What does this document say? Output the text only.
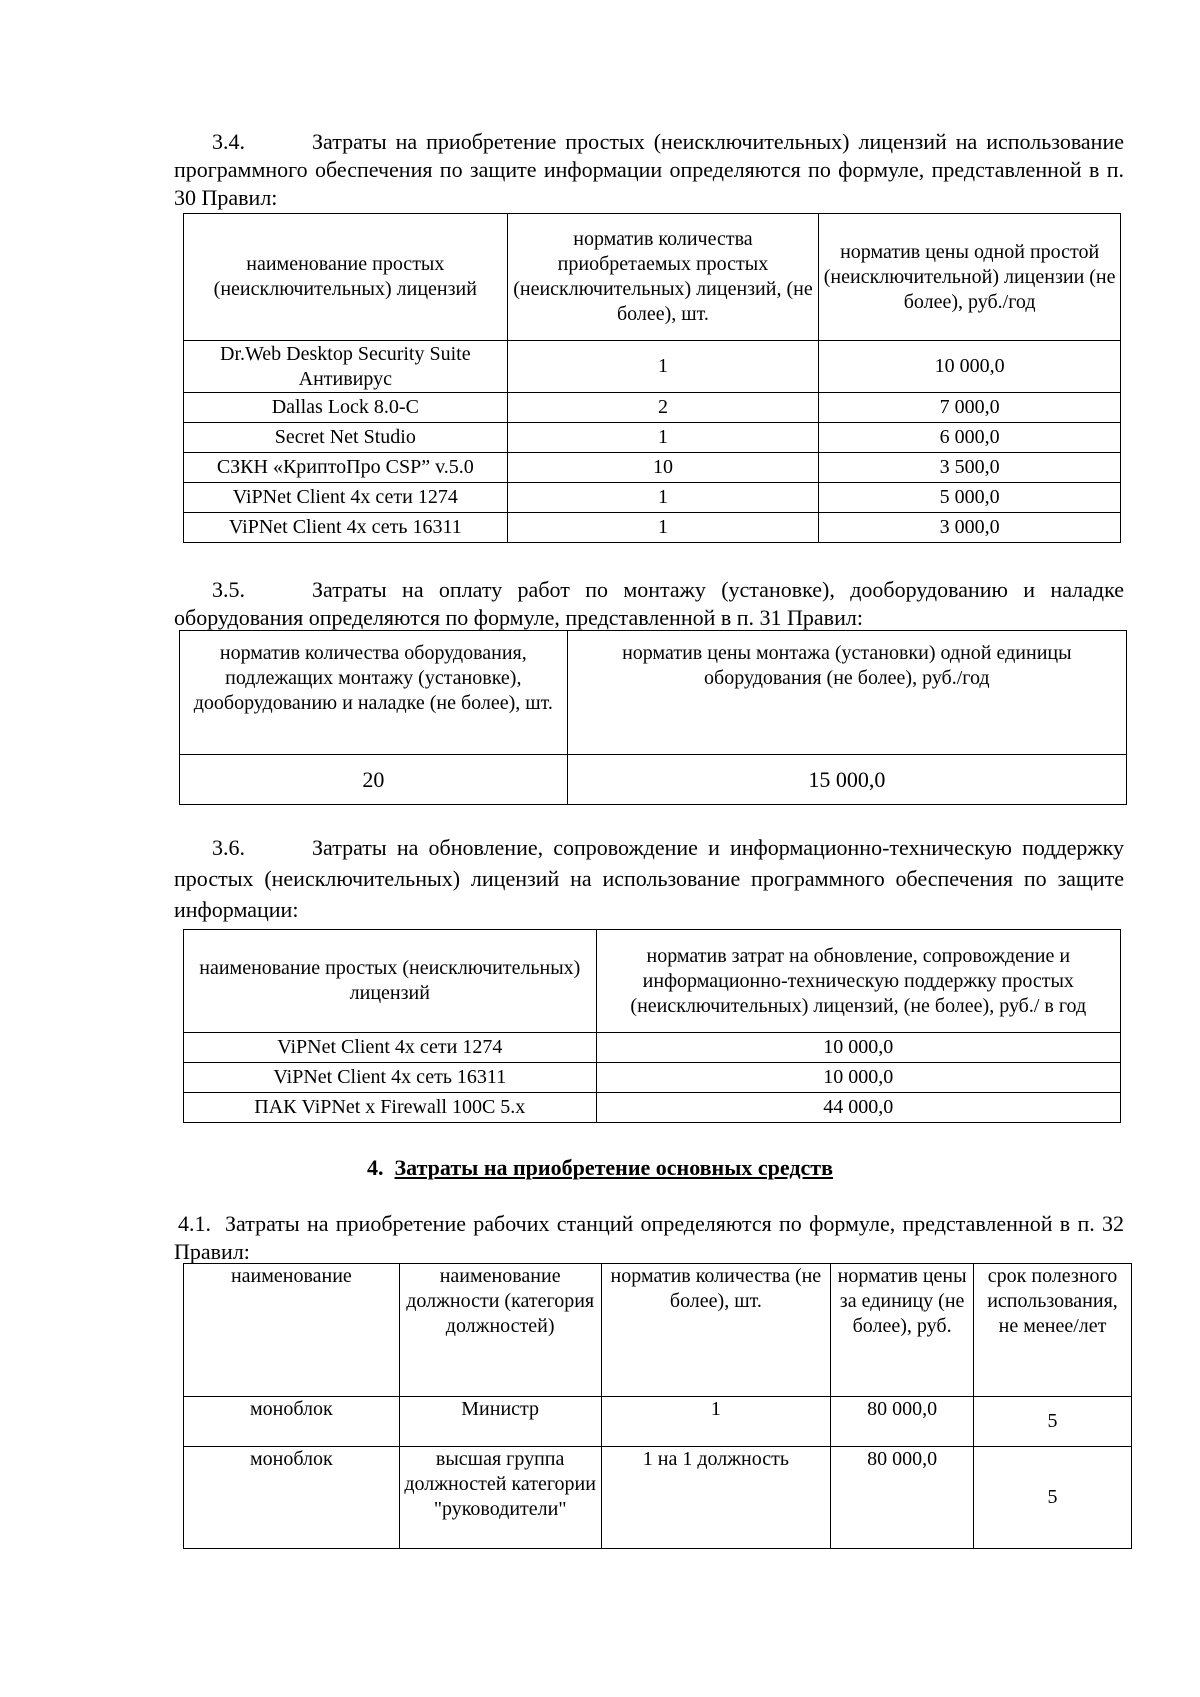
3.4.	Затраты на приобретение простых (неисключительных) лицензий на использование программного обеспечения по защите информации определяются по формуле, представленной в п. 30 Правил:
наименование простых (неисключительных) лицензий	норматив количества приобретаемых простых (неисключительных) лицензий, (не более), шт.	норматив цены одной простой (неисключительной) лицензии (не более), руб./год
Dr.Web Desktop Security Suite Антивирус	1	10 000,0
Dallas Lock 8.0-C	2	7 000,0
Secret Net Studio	1	6 000,0
СЗКН «КриптоПро CSP” v.5.0	10	3 500,0
ViPNet Client 4x сети 1274	1	5 000,0
ViPNet Client 4x сеть 16311	1	3 000,0
3.5.	Затраты на оплату работ по монтажу (установке), дооборудованию и наладке оборудования определяются по формуле, представленной в п. 31 Правил:
норматив количества оборудования, подлежащих монтажу (установке), дооборудованию и наладке (не более), шт.	норматив цены монтажа (установки) одной единицы оборудования (не более), руб./год
20	15 000,0
3.6.	Затраты на обновление, сопровождение и информационно-техническую поддержку простых (неисключительных) лицензий на использование программного обеспечения по защите информации:
наименование простых (неисключительных) лицензий	норматив затрат на обновление, сопровождение и информационно-техническую поддержку простых (неисключительных) лицензий, (не более), руб./ в год
ViPNet Client 4x сети 1274	10 000,0
ViPNet Client 4x сеть 16311	10 000,0
ПАК ViPNet x Firewall 100С 5.x	44 000,0
4. Затраты на приобретение основных средств
4.1. Затраты на приобретение рабочих станций определяются по формуле, представленной в п. 32 Правил:
наименование	наименование должности (категория должностей)	норматив количества (не более), шт.	норматив цены за единицу (не более), руб.	срок полезного использования, не менее/лет
моноблок	Министр	1	80 000,0	5
моноблок	высшая группа должностей категории "руководители"	1 на 1 должность	80 000,0	5
